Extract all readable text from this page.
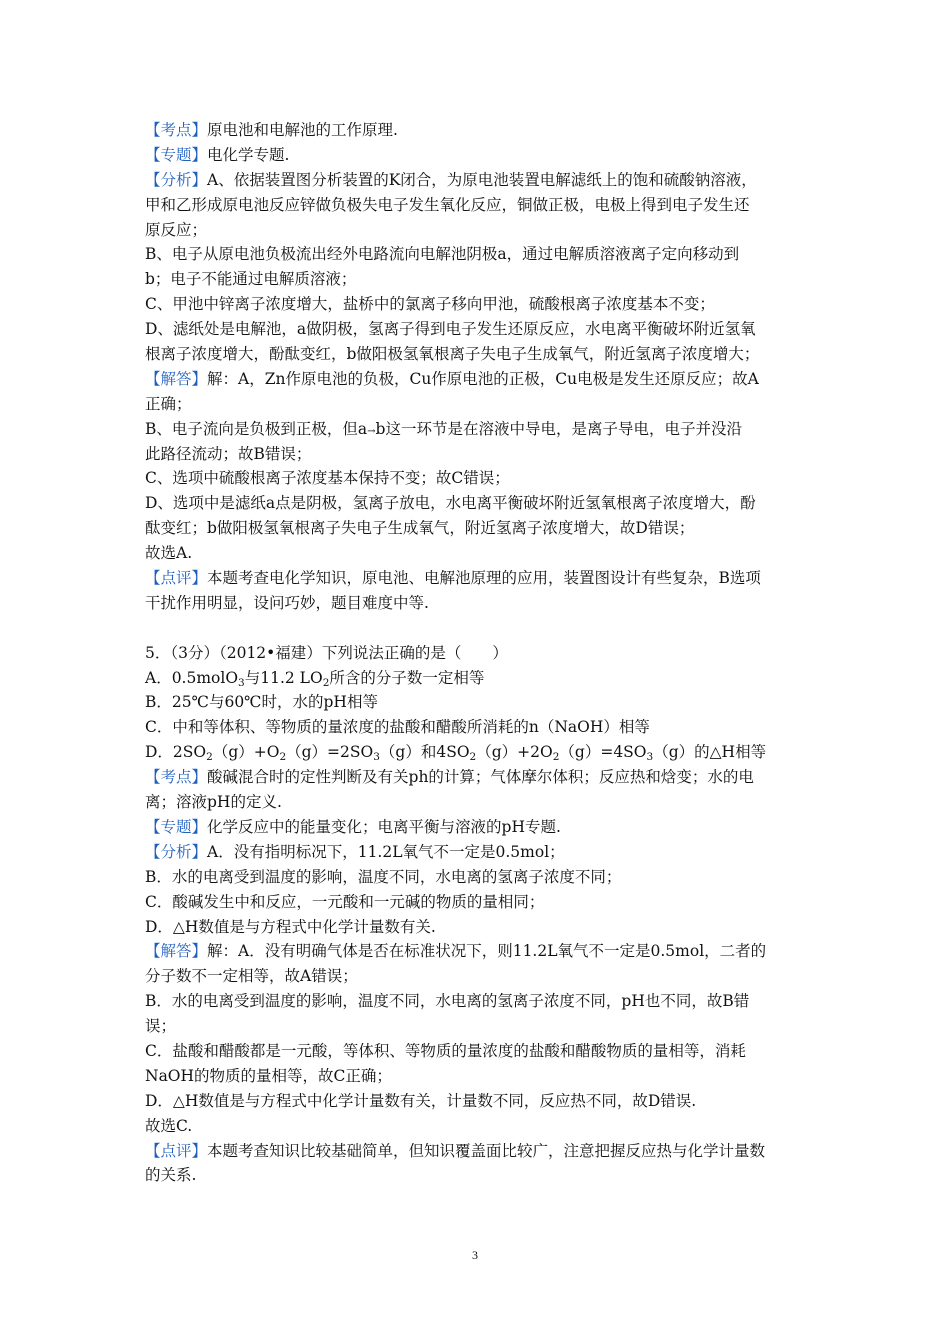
【考点】原电池和电解池的工作原理.
【专题】电化学专题.
【分析】A、依据装置图分析装置的K闭合，为原电池装置电解滤纸上的饱和硫酸钠溶液，
甲和乙形成原电池反应锌做负极失电子发生氧化反应，铜做正极，电极上得到电子发生还
原反应；
B、电子从原电池负极流出经外电路流向电解池阴极a，通过电解质溶液离子定向移动到
b；电子不能通过电解质溶液；
C、甲池中锌离子浓度增大，盐桥中的氯离子移向甲池，硫酸根离子浓度基本不变；
D、滤纸处是电解池，a做阴极，氢离子得到电子发生还原反应，水电离平衡破坏附近氢氧
根离子浓度增大，酚酞变红，b做阳极氢氧根离子失电子生成氧气，附近氢离子浓度增大；
【解答】解：A，Zn作原电池的负极，Cu作原电池的正极，Cu电极是发生还原反应；故A
正确；
B、电子流向是负极到正极，但a→b这一环节是在溶液中导电，是离子导电，电子并没沿
此路径流动；故B错误；
C、选项中硫酸根离子浓度基本保持不变；故C错误；
D、选项中是滤纸a点是阴极，氢离子放电，水电离平衡破坏附近氢氧根离子浓度增大，酚
酞变红；b做阳极氢氧根离子失电子生成氧气，附近氢离子浓度增大，故D错误；
故选A.
【点评】本题考查电化学知识，原电池、电解池原理的应用，装置图设计有些复杂，B选项
干扰作用明显，设问巧妙，题目难度中等.
5．（3分）（2012•福建）下列说法正确的是（　　）
A．0.5molO$_3$与11.2 $LO_2$所含的分子数一定相等
B．25℃与60℃时，水的pH相等
C．中和等体积、等物质的量浓度的盐酸和醋酸所消耗的n（NaOH）相等
D．$2SO_2(g)+O_2(g)=2SO_3(g)$和$4SO_2(g)+2O_2(g)=4SO_3(g)$的△H相等
【考点】酸碱混合时的定性判断及有关ph的计算；气体摩尔体积；反应热和焓变；水的电
离；溶液pH的定义.
【专题】化学反应中的能量变化；电离平衡与溶液的pH专题.
【分析】A．没有指明标况下，11.2L氧气不一定是0.5mol；
B．水的电离受到温度的影响，温度不同，水电离的氢离子浓度不同；
C．酸碱发生中和反应，一元酸和一元碱的物质的量相同；
D．△H数值是与方程式中化学计量数有关.
【解答】解：A．没有明确气体是否在标准状况下，则11.2L氧气不一定是0.5mol，二者的
分子数不一定相等，故A错误；
B．水的电离受到温度的影响，温度不同，水电离的氢离子浓度不同，pH也不同，故B错
误；
C．盐酸和醋酸都是一元酸，等体积、等物质的量浓度的盐酸和醋酸物质的量相等，消耗
NaOH的物质的量相等，故C正确；
D．△H数值是与方程式中化学计量数有关，计量数不同，反应热不同，故D错误.
故选C.
【点评】本题考查知识比较基础简单，但知识覆盖面比较广，注意把握反应热与化学计量数
的关系.
3
